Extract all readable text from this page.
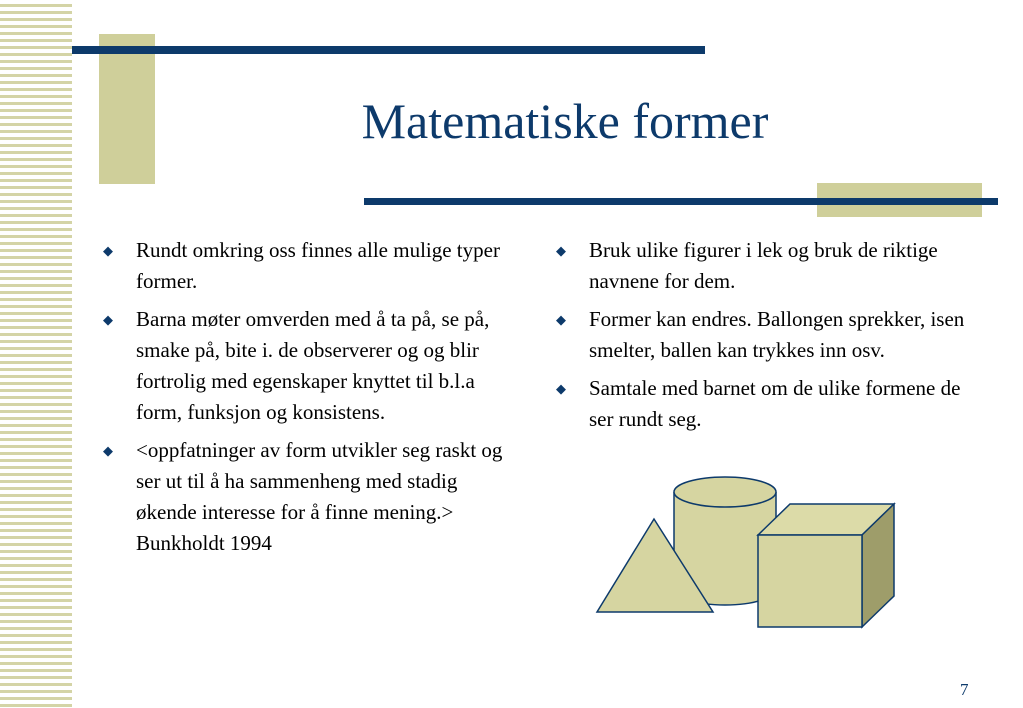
Matematiske former
◆ Rundt omkring oss finnes alle mulige typer former.
◆ Barna møter omverden med å ta på, se på, smake på, bite i. de observerer og og blir fortrolig med egenskaper knyttet til b.l.a form, funksjon og konsistens.
◆ <oppfatninger av form utvikler seg raskt og ser ut til å ha sammenheng med stadig økende interesse for å finne mening.> Bunkholdt 1994
◆ Bruk ulike figurer i lek og bruk de riktige navnene for dem.
◆ Former kan endres. Ballongen sprekker, isen smelter, ballen kan trykkes inn osv.
◆ Samtale med barnet om de ulike formene de ser rundt seg.
7
